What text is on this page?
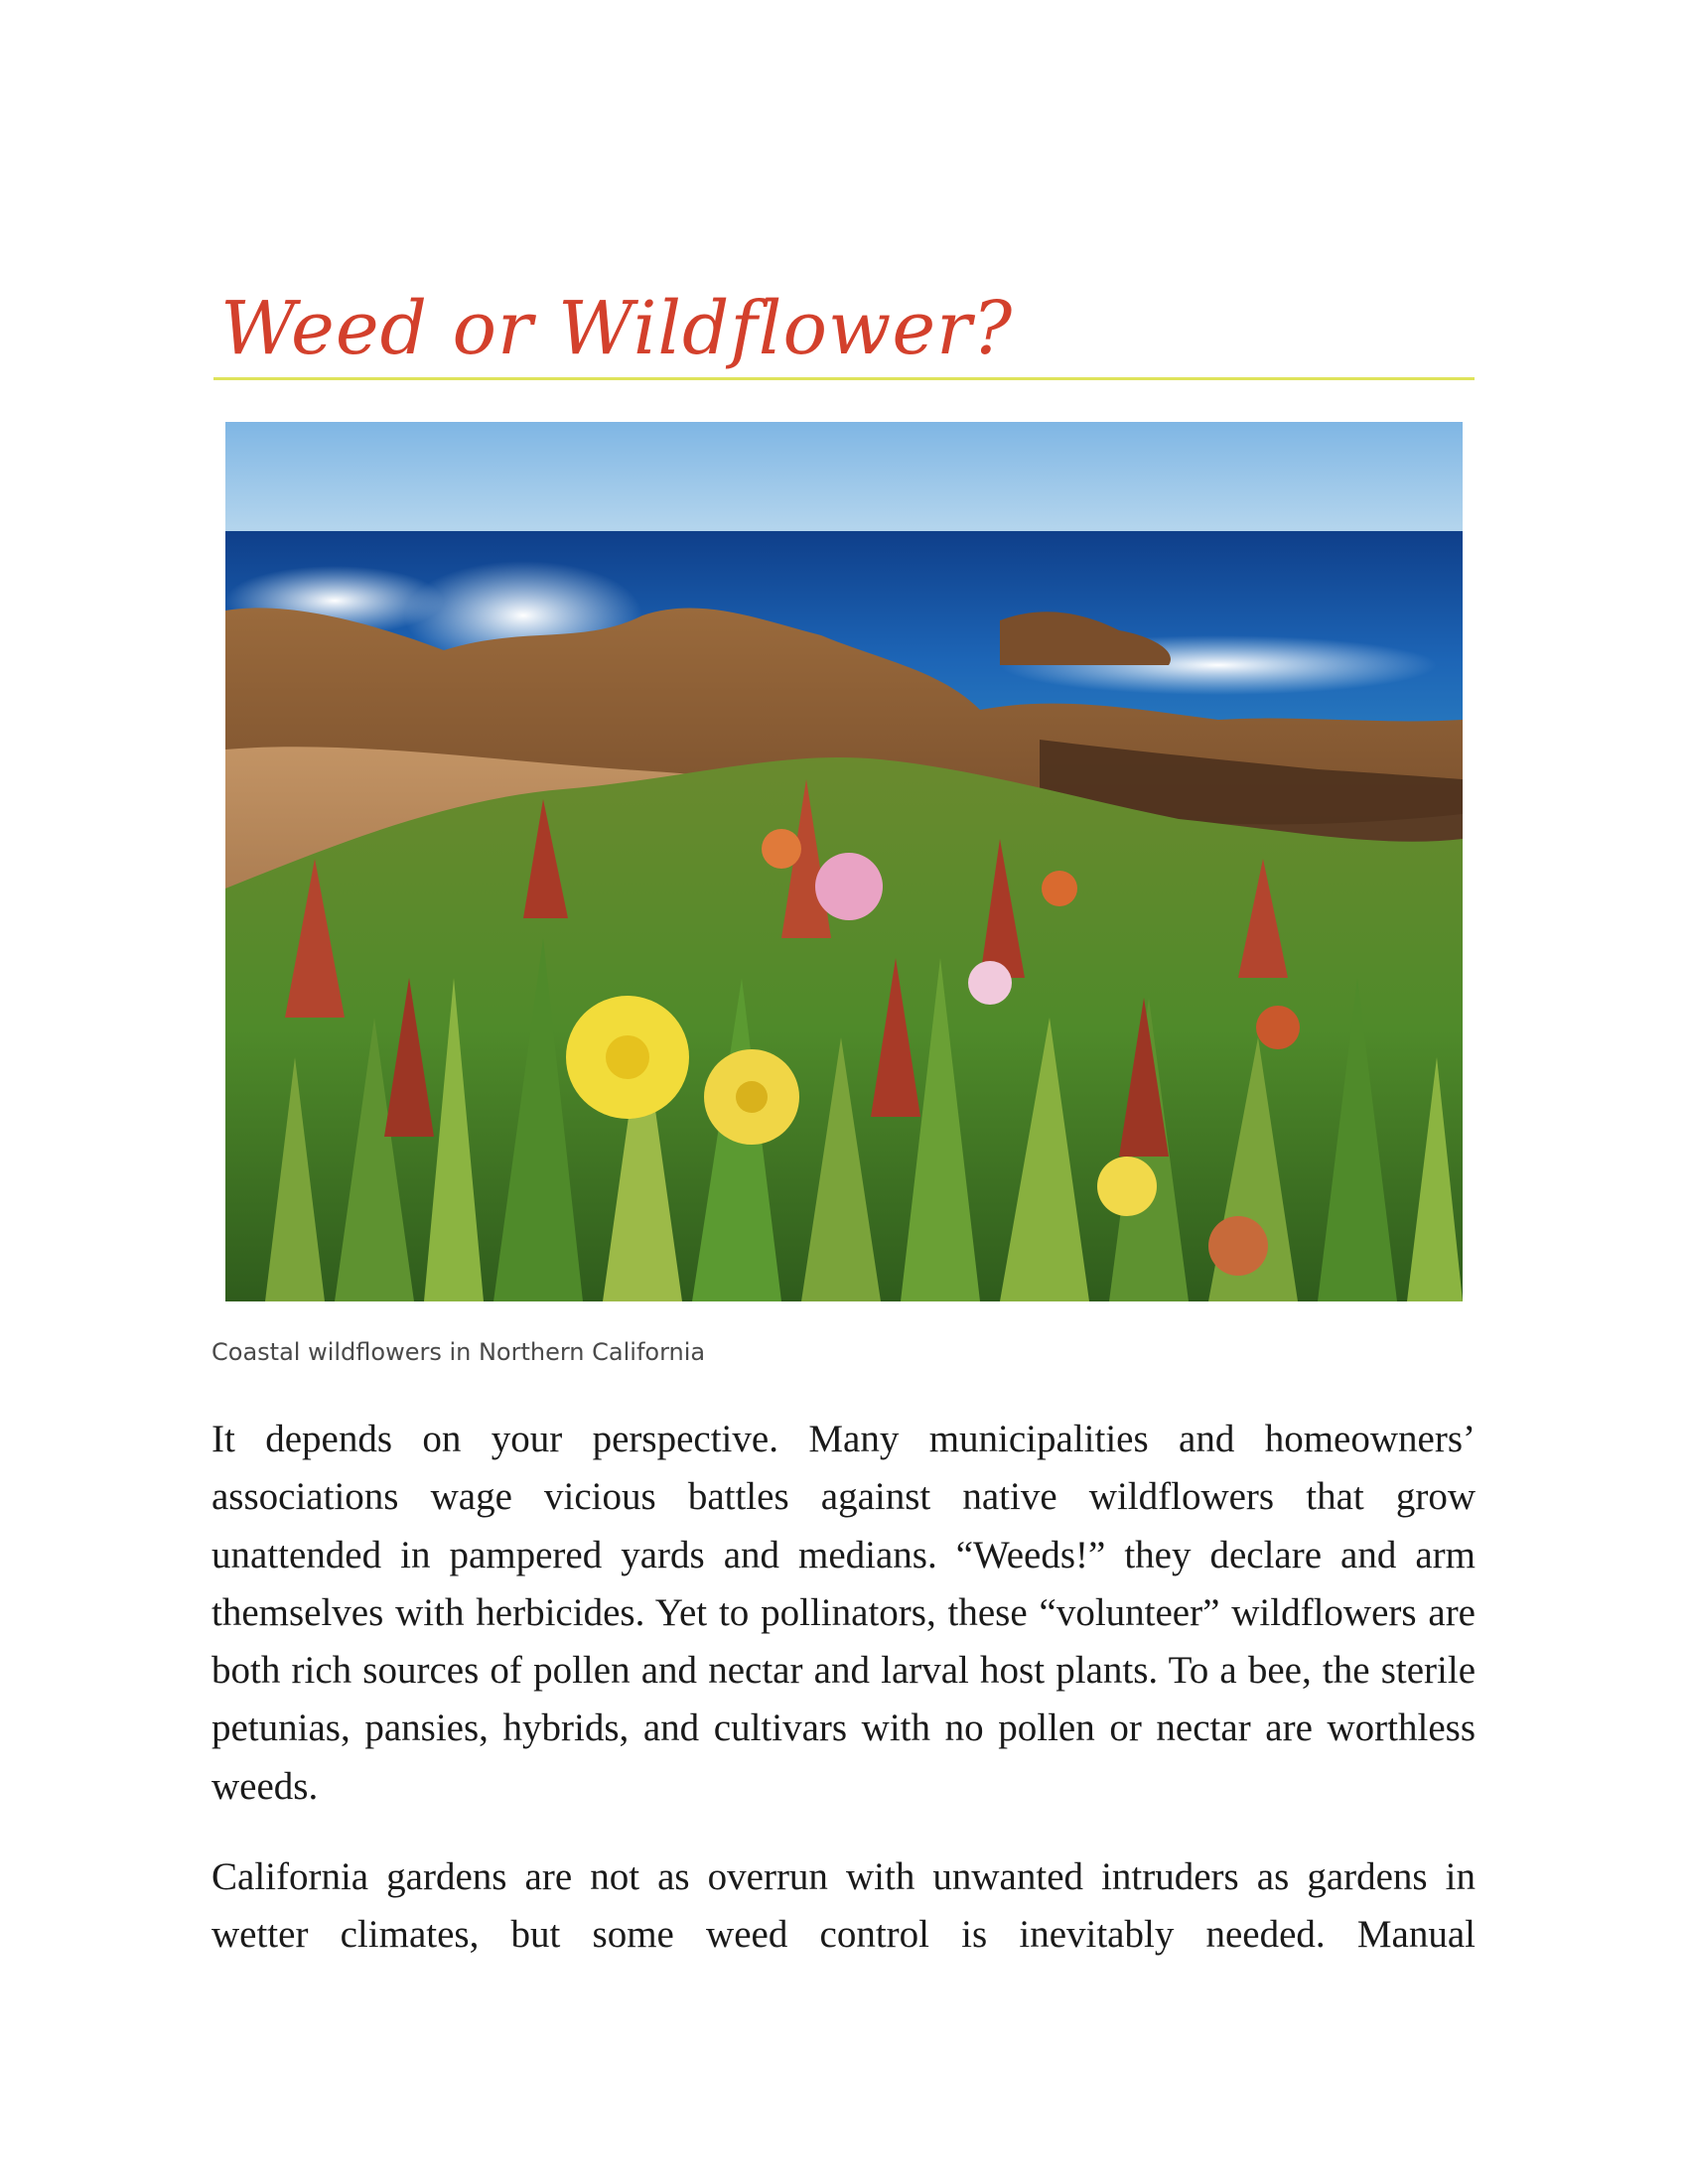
Weed or Wildflower?
Coastal wildflowers in Northern California

It depends on your perspective. Many municipalities and homeowners’ associations wage vicious battles against native wildflowers that grow unattended in pampered yards and medians. “Weeds!” they declare and arm themselves with herbicides. Yet to pollinators, these “volunteer” wildflowers are both rich sources of pollen and nectar and larval host plants. To a bee, the sterile petunias, pansies, hybrids, and cultivars with no pollen or nectar are worthless weeds.

California gardens are not as overrun with unwanted intruders as gardens in wetter climates, but some weed control is inevitably needed. Manual
